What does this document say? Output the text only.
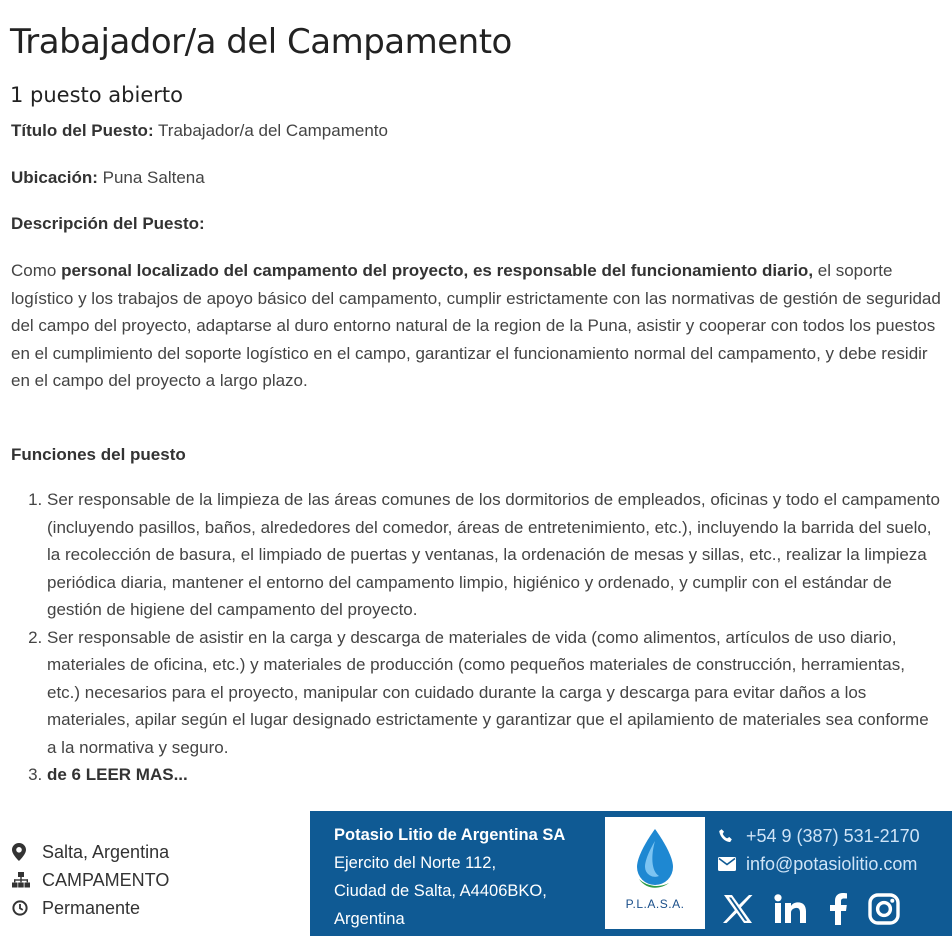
Trabajador/a del Campamento
1 puesto abierto
Título del Puesto: Trabajador/a del Campamento
Ubicación: Puna Saltena
Descripción del Puesto:

Como personal localizado del campamento del proyecto, es responsable del funcionamiento diario, el soporte logístico y los trabajos de apoyo básico del campamento, cumplir estrictamente con las normativas de gestión de seguridad del campo del proyecto, adaptarse al duro entorno natural de la region de la Puna, asistir y cooperar con todos los puestos en el cumplimiento del soporte logístico en el campo, garantizar el funcionamiento normal del campamento, y debe residir en el campo del proyecto a largo plazo.

Funciones del puesto
1. Ser responsable de la limpieza de las áreas comunes de los dormitorios de empleados, oficinas y todo el campamento (incluyendo pasillos, baños, alrededores del comedor, áreas de entretenimiento, etc.), incluyendo la barrida del suelo, la recolección de basura, el limpiado de puertas y ventanas, la ordenación de mesas y sillas, etc., realizar la limpieza periódica diaria, mantener el entorno del campamento limpio, higiénico y ordenado, y cumplir con el estándar de gestión de higiene del campamento del proyecto.
2. Ser responsable de asistir en la carga y descarga de materiales de vida (como alimentos, artículos de uso diario, materiales de oficina, etc.) y materiales de producción (como pequeños materiales de construcción, herramientas, etc.) necesarios para el proyecto, manipular con cuidado durante la carga y descarga para evitar daños a los materiales, apilar según el lugar designado estrictamente y garantizar que el apilamiento de materiales sea conforme a la normativa y seguro.
3. de 6 LEER MAS...
Salta, Argentina
CAMPAMENTO
Permanente
Potasio Litio de Argentina SA
Ejercito del Norte 112,
Ciudad de Salta, A4406BKO,
Argentina
P.L.A.S.A.
+54 9 (387) 531-2170
info@potasiolitio.com
